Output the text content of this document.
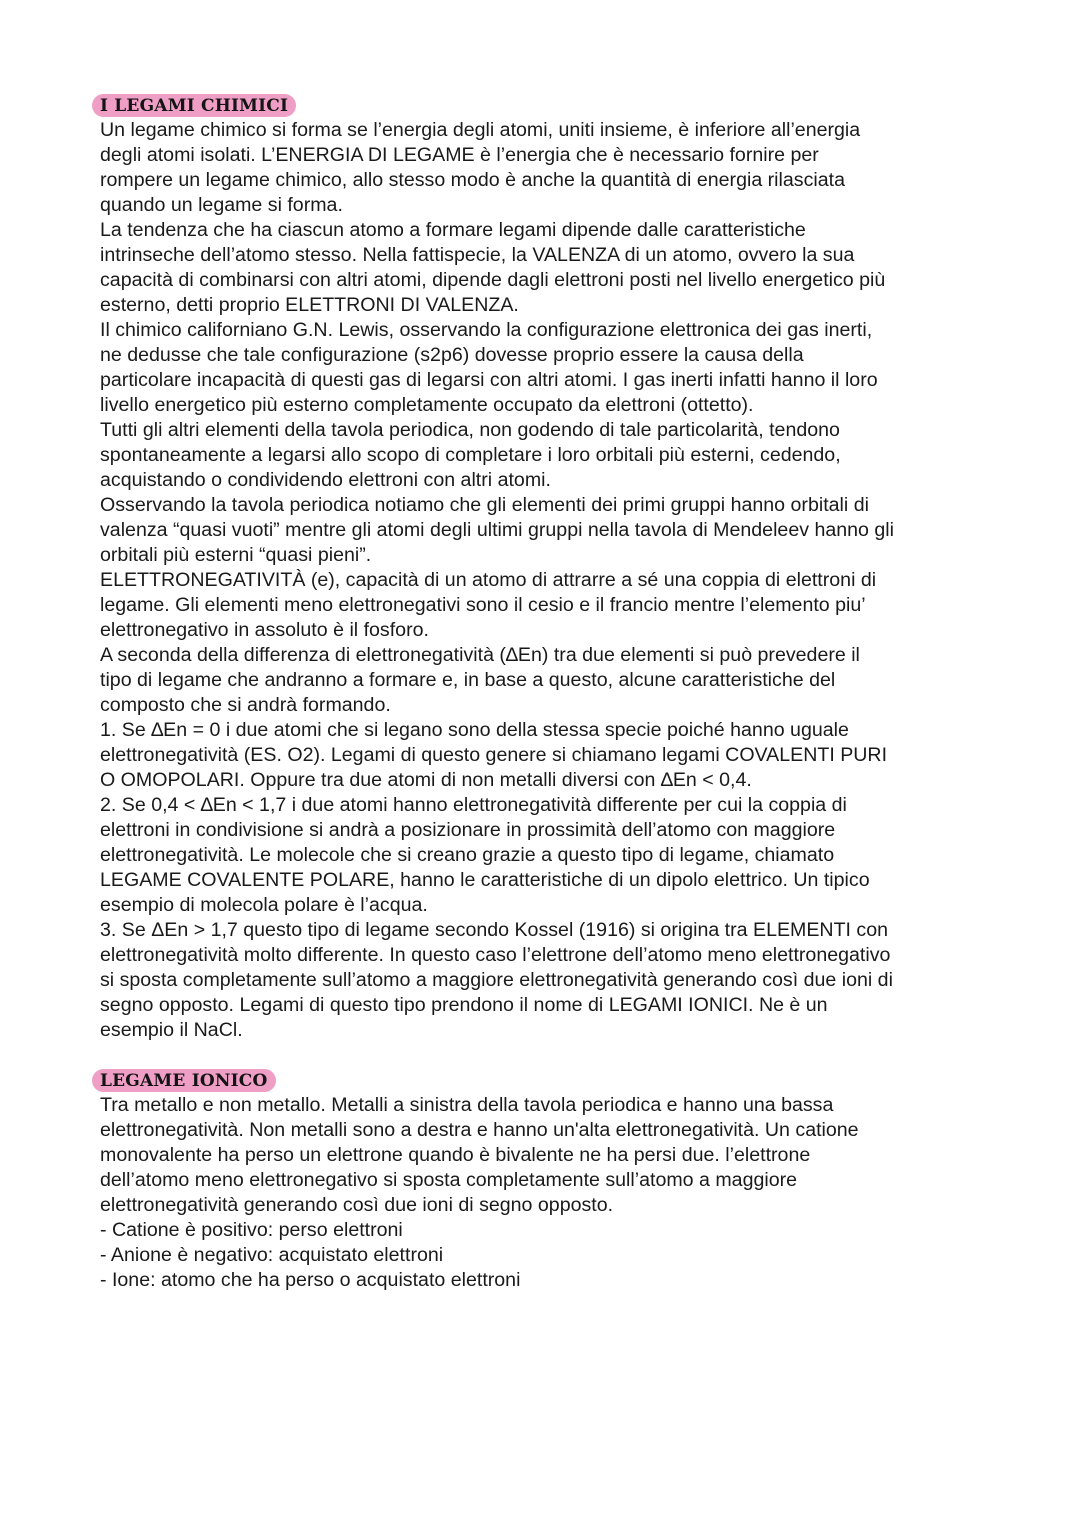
I LEGAMI CHIMICI
Un legame chimico si forma se l’energia degli atomi, uniti insieme, è inferiore all’energia
degli atomi isolati. L’ENERGIA DI LEGAME è l’energia che è necessario fornire per
rompere un legame chimico, allo stesso modo è anche la quantità di energia rilasciata
quando un legame si forma.
La tendenza che ha ciascun atomo a formare legami dipende dalle caratteristiche
intrinseche dell’atomo stesso. Nella fattispecie, la VALENZA di un atomo, ovvero la sua
capacità di combinarsi con altri atomi, dipende dagli elettroni posti nel livello energetico più
esterno, detti proprio ELETTRONI DI VALENZA.
Il chimico californiano G.N. Lewis, osservando la configurazione elettronica dei gas inerti,
ne dedusse che tale configurazione (s2p6) dovesse proprio essere la causa della
particolare incapacità di questi gas di legarsi con altri atomi. I gas inerti infatti hanno il loro
livello energetico più esterno completamente occupato da elettroni (ottetto).
Tutti gli altri elementi della tavola periodica, non godendo di tale particolarità, tendono
spontaneamente a legarsi allo scopo di completare i loro orbitali più esterni, cedendo,
acquistando o condividendo elettroni con altri atomi.
Osservando la tavola periodica notiamo che gli elementi dei primi gruppi hanno orbitali di
valenza “quasi vuoti” mentre gli atomi degli ultimi gruppi nella tavola di Mendeleev hanno gli
orbitali più esterni “quasi pieni”.
ELETTRONEGATIVITÀ (e), capacità di un atomo di attrarre a sé una coppia di elettroni di
legame. Gli elementi meno elettronegativi sono il cesio e il francio mentre l’elemento piu’
elettronegativo in assoluto è il fosforo.
A seconda della differenza di elettronegatività (∆En) tra due elementi si può prevedere il
tipo di legame che andranno a formare e, in base a questo, alcune caratteristiche del
composto che si andrà formando.
1. Se ∆En = 0 i due atomi che si legano sono della stessa specie poiché hanno uguale
elettronegatività (ES. O2). Legami di questo genere si chiamano legami COVALENTI PURI
O OMOPOLARI. Oppure tra due atomi di non metalli diversi con ∆En < 0,4.
2. Se 0,4 < ∆En < 1,7 i due atomi hanno elettronegatività differente per cui la coppia di
elettroni in condivisione si andrà a posizionare in prossimità dell’atomo con maggiore
elettronegatività. Le molecole che si creano grazie a questo tipo di legame, chiamato
LEGAME COVALENTE POLARE, hanno le caratteristiche di un dipolo elettrico. Un tipico
esempio di molecola polare è l’acqua.
3. Se ΔEn > 1,7 questo tipo di legame secondo Kossel (1916) si origina tra ELEMENTI con
elettronegatività molto differente. In questo caso l’elettrone dell’atomo meno elettronegativo
si sposta completamente sull’atomo a maggiore elettronegatività generando così due ioni di
segno opposto. Legami di questo tipo prendono il nome di LEGAMI IONICI. Ne è un
esempio il NaCl.
LEGAME IONICO
Tra metallo e non metallo. Metalli a sinistra della tavola periodica e hanno una bassa
elettronegatività. Non metalli sono a destra e hanno un'alta elettronegatività. Un catione
monovalente ha perso un elettrone quando è bivalente ne ha persi due. l’elettrone
dell’atomo meno elettronegativo si sposta completamente sull’atomo a maggiore
elettronegatività generando così due ioni di segno opposto.
- Catione è positivo: perso elettroni
- Anione è negativo: acquistato elettroni
- Ione: atomo che ha perso o acquistato elettroni
